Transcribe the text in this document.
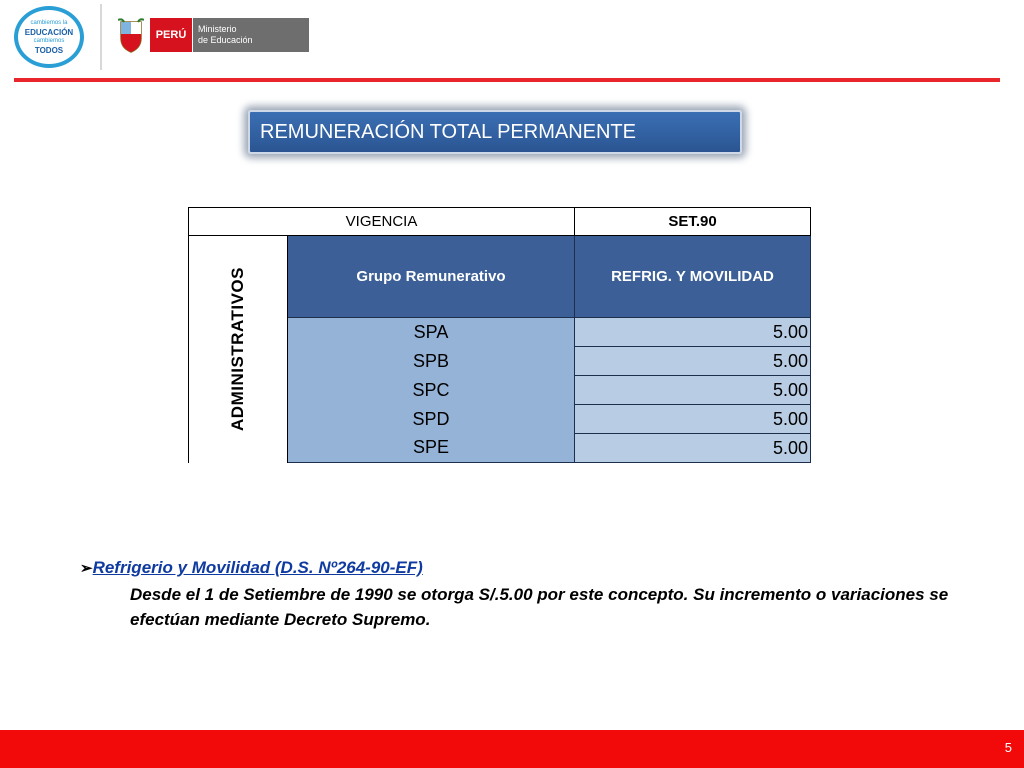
cambiemos la
EDUCACIÓN
cambiemos
TODOS
PERÚ	Ministerio
de Educación
REMUNERACIÓN TOTAL PERMANENTE
VIGENCIA		SET.90

ADMINISTRATIVOS	Grupo Remunerativo	REFRIG. Y MOVILIDAD
	SPA	5.00
	SPB	5.00
	SPC	5.00
	SPD	5.00
	SPE	5.00
➢Refrigerio y Movilidad (D.S. Nº264-90-EF)
Desde el 1 de Setiembre de 1990 se otorga S/.5.00 por este concepto. Su incremento o variaciones se efectúan mediante Decreto Supremo.
5
